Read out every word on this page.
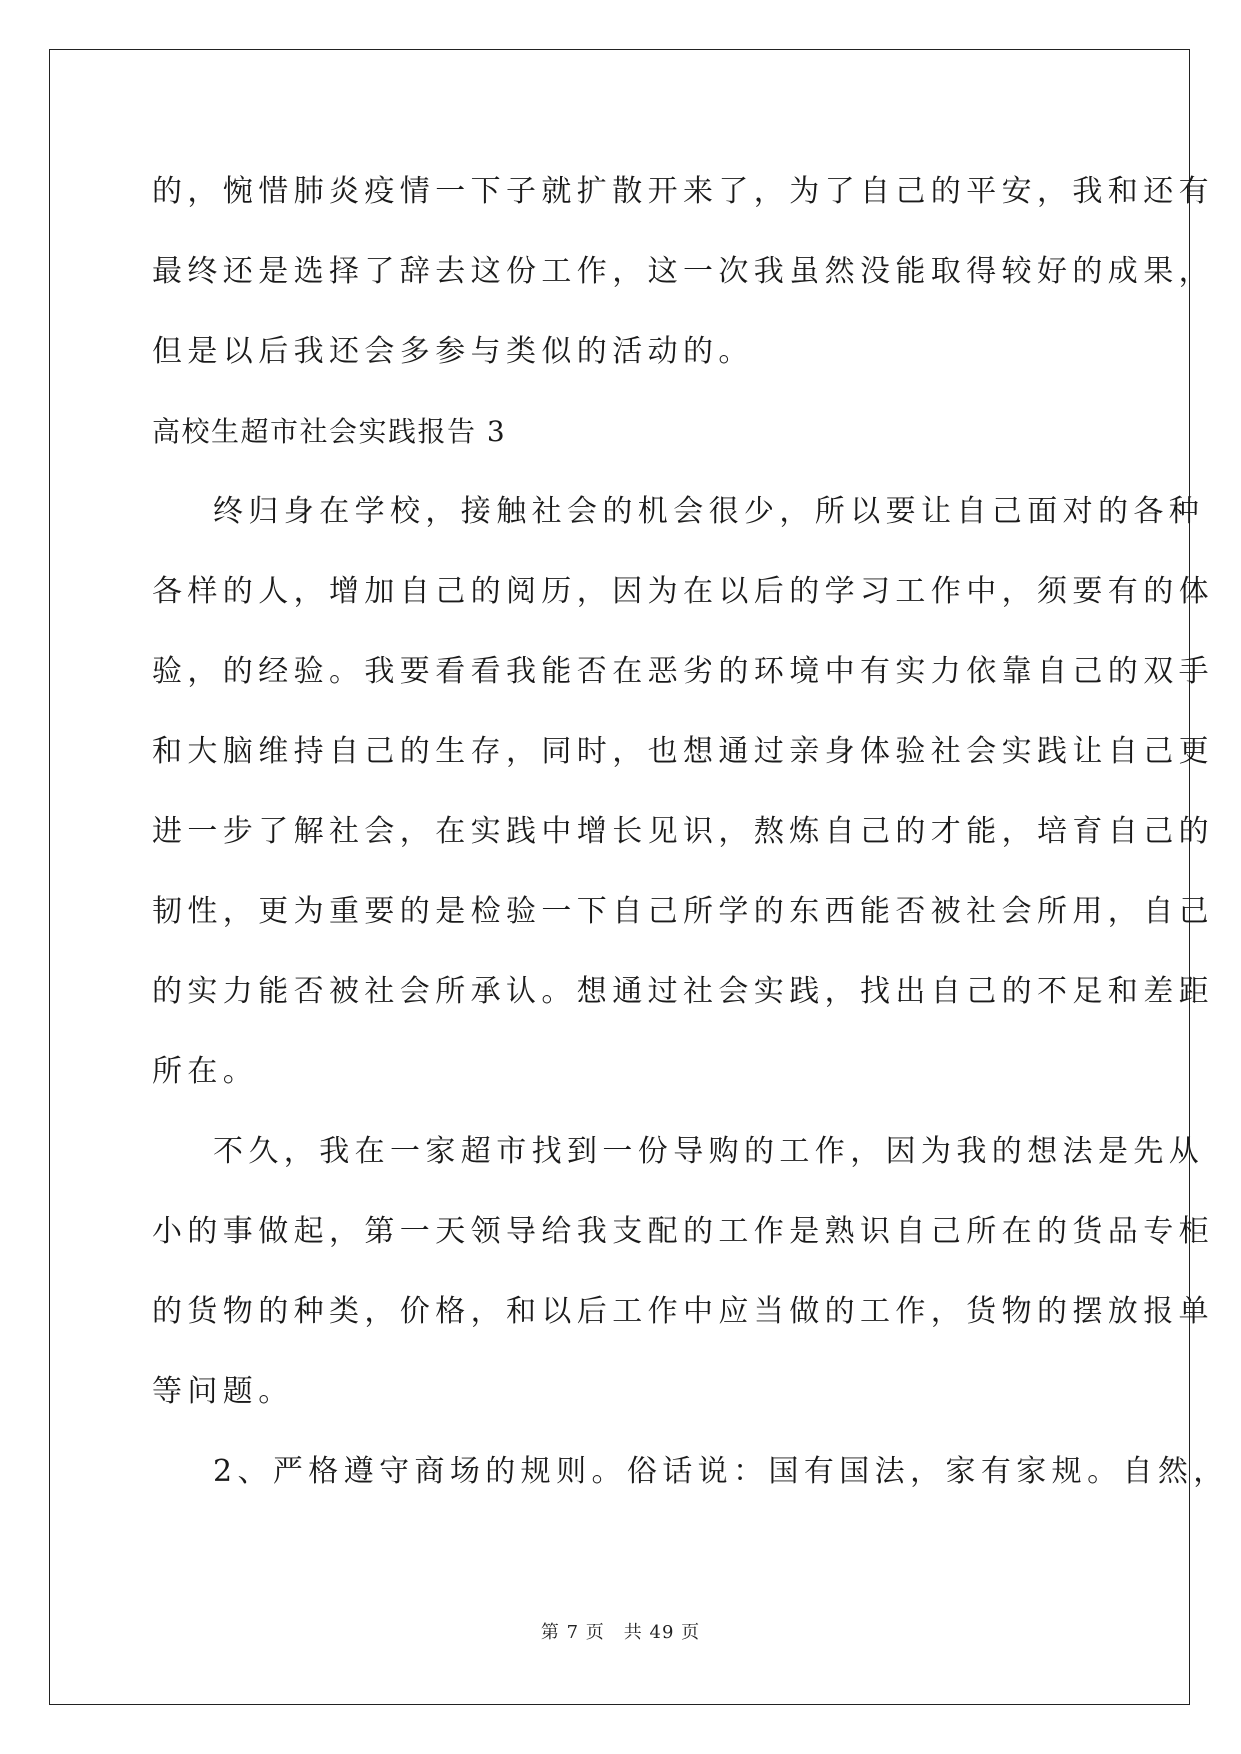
的，惋惜肺炎疫情一下子就扩散开来了，为了自己的平安，我和还有
最终还是选择了辞去这份工作，这一次我虽然没能取得较好的成果，
但是以后我还会多参与类似的活动的。
高校生超市社会实践报告 3
终归身在学校，接触社会的机会很少，所以要让自己面对的各种
各样的人，增加自己的阅历，因为在以后的学习工作中，须要有的体
验，的经验。我要看看我能否在恶劣的环境中有实力依靠自己的双手
和大脑维持自己的生存，同时，也想通过亲身体验社会实践让自己更
进一步了解社会，在实践中增长见识，熬炼自己的才能，培育自己的
韧性，更为重要的是检验一下自己所学的东西能否被社会所用，自己
的实力能否被社会所承认。想通过社会实践，找出自己的不足和差距
所在。
不久，我在一家超市找到一份导购的工作，因为我的想法是先从
小的事做起，第一天领导给我支配的工作是熟识自己所在的货品专柜
的货物的种类，价格，和以后工作中应当做的工作，货物的摆放报单
等问题。
2、严格遵守商场的规则。俗话说：国有国法，家有家规。自然，
第 7 页　共 49 页
